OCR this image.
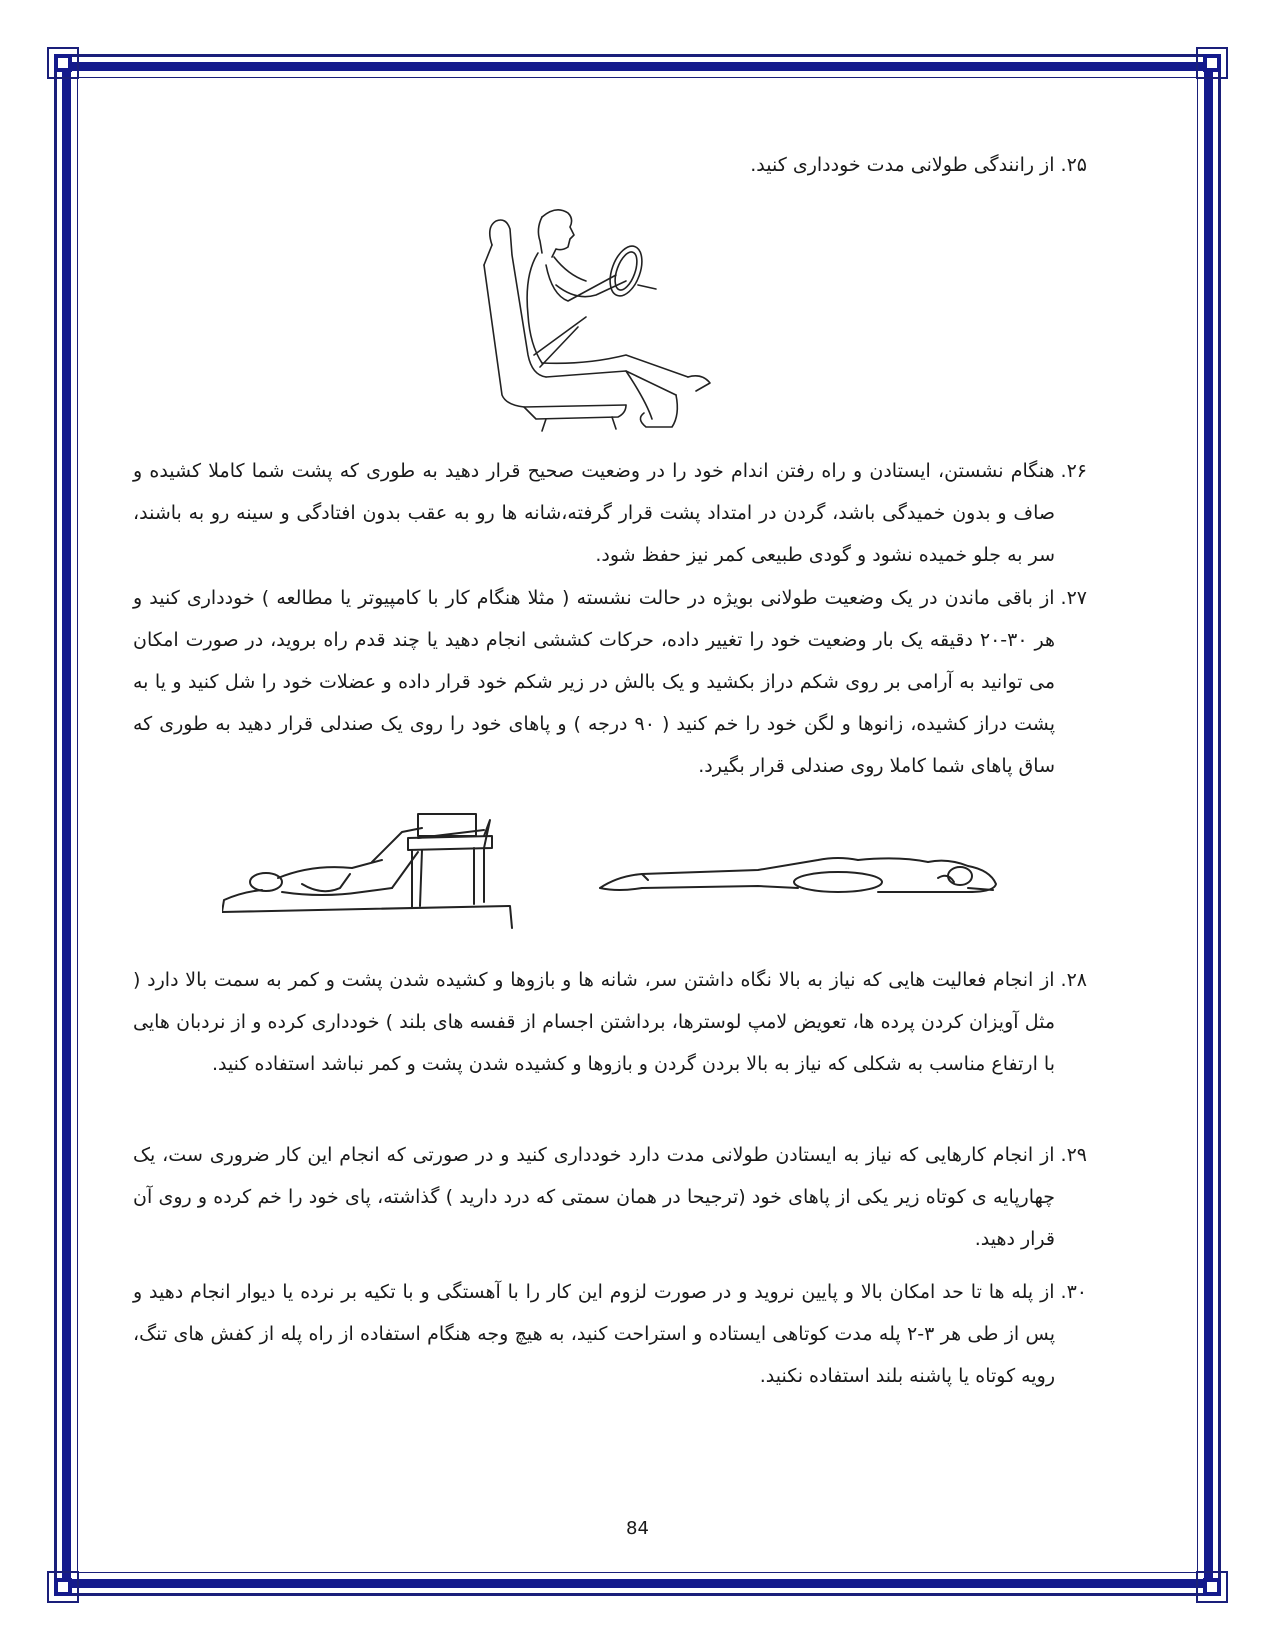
۲۵.از رانندگی طولانی مدت خودداری کنید.

۲۶.هنگام نشستن، ایستادن و راه رفتن اندام خود را در وضعیت صحیح قرار دهید به طوری که پشت شما کاملا کشیده و صاف و بدون خمیدگی باشد، گردن در امتداد پشت قرار گرفته،شانه ها رو به عقب بدون افتادگی و سینه رو به باشند، سر به جلو خمیده نشود و گودی طبیعی کمر نیز حفظ شود.

۲۷.از باقی ماندن در یک وضعیت طولانی بویژه در حالت نشسته ( مثلا هنگام کار با کامپیوتر یا مطالعه ) خودداری کنید و هر ۳۰-۲۰ دقیقه یک بار وضعیت خود را تغییر داده، حرکات کششی انجام دهید یا چند قدم راه بروید، در صورت امکان می توانید به آرامی بر روی شکم دراز بکشید و یک بالش در زیر شکم خود قرار داده و عضلات خود را شل کنید و یا به پشت دراز کشیده، زانوها و لگن خود را خم کنید ( ۹۰ درجه ) و پاهای خود را روی یک صندلی قرار دهید به طوری که ساق پاهای شما کاملا روی صندلی قرار بگیرد.

۲۸.از انجام فعالیت هایی که نیاز به بالا نگاه داشتن سر، شانه ها و بازوها و کشیده شدن پشت و کمر به سمت بالا دارد ( مثل آویزان کردن پرده ها، تعویض لامپ لوسترها، برداشتن اجسام از قفسه های بلند ) خودداری کرده و از نردبان هایی با ارتفاع مناسب به شکلی که نیاز به بالا بردن گردن و بازوها و کشیده شدن پشت و کمر نباشد استفاده کنید.

۲۹.از انجام کارهایی که نیاز به ایستادن طولانی مدت دارد خودداری کنید و در صورتی که انجام این کار ضروری ست، یک چهارپایه ی کوتاه زیر یکی از پاهای خود (ترجیحا در همان سمتی که درد دارید ) گذاشته، پای خود را خم کرده و روی آن قرار دهید.

۳۰.از پله ها تا حد امکان بالا و پایین نروید و در صورت لزوم این کار را با آهستگی و با تکیه بر نرده یا دیوار انجام دهید و پس از طی هر ۳-۲ پله مدت کوتاهی ایستاده و استراحت کنید، به هیچ وجه هنگام استفاده از راه پله از کفش های تنگ، رویه کوتاه یا پاشنه بلند استفاده نکنید.

84
